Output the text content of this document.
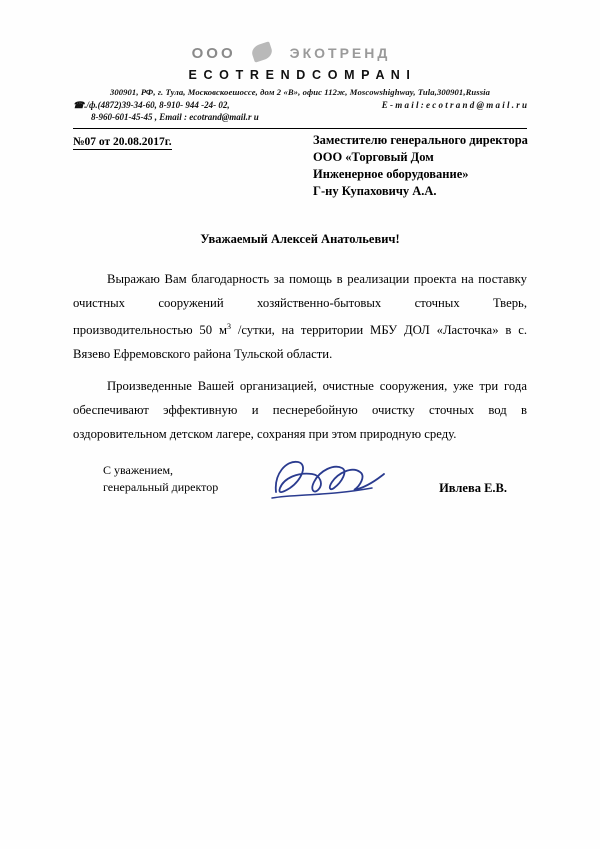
ООО	ЭКОТРЕНД
E C O T R E N D C O M P A N I
300901, РФ, г. Тула, Московскоешоссе, дом 2 «В», офис 112ж, Moscowshighway, Tula,300901,Russia
☎./ф.(4872)39-34-60, 8-910- 944 -24- 02,	E - m a i l : e c o t r a n d @ m a i l . r u
8-960-601-45-45 , Email : ecotrand@mail.r u
№07 от 20.08.2017г.	Заместителю генерального директора
ООО «Торговый Дом
Инженерное оборудование»
Г-ну Купаховичу А.А.
Уважаемый Алексей Анатольевич!

Выражаю Вам благодарность за помощь в реализации проекта на поставку очистных сооружений хозяйственно-бытовых сточных Тверь, производительностью 50 $м^3$ /сутки, на территории МБУ ДОЛ «Ласточка» в с. Вязево Ефремовского района Тульской области.

Произведенные Вашей организацией, очистные сооружения, уже три года обеспечивают эффективную и песнеребойную очистку сточных вод в оздоровительном детском лагере, сохраняя при этом природную среду.

С уважением,
генеральный директор	Ивлева Е.В.
